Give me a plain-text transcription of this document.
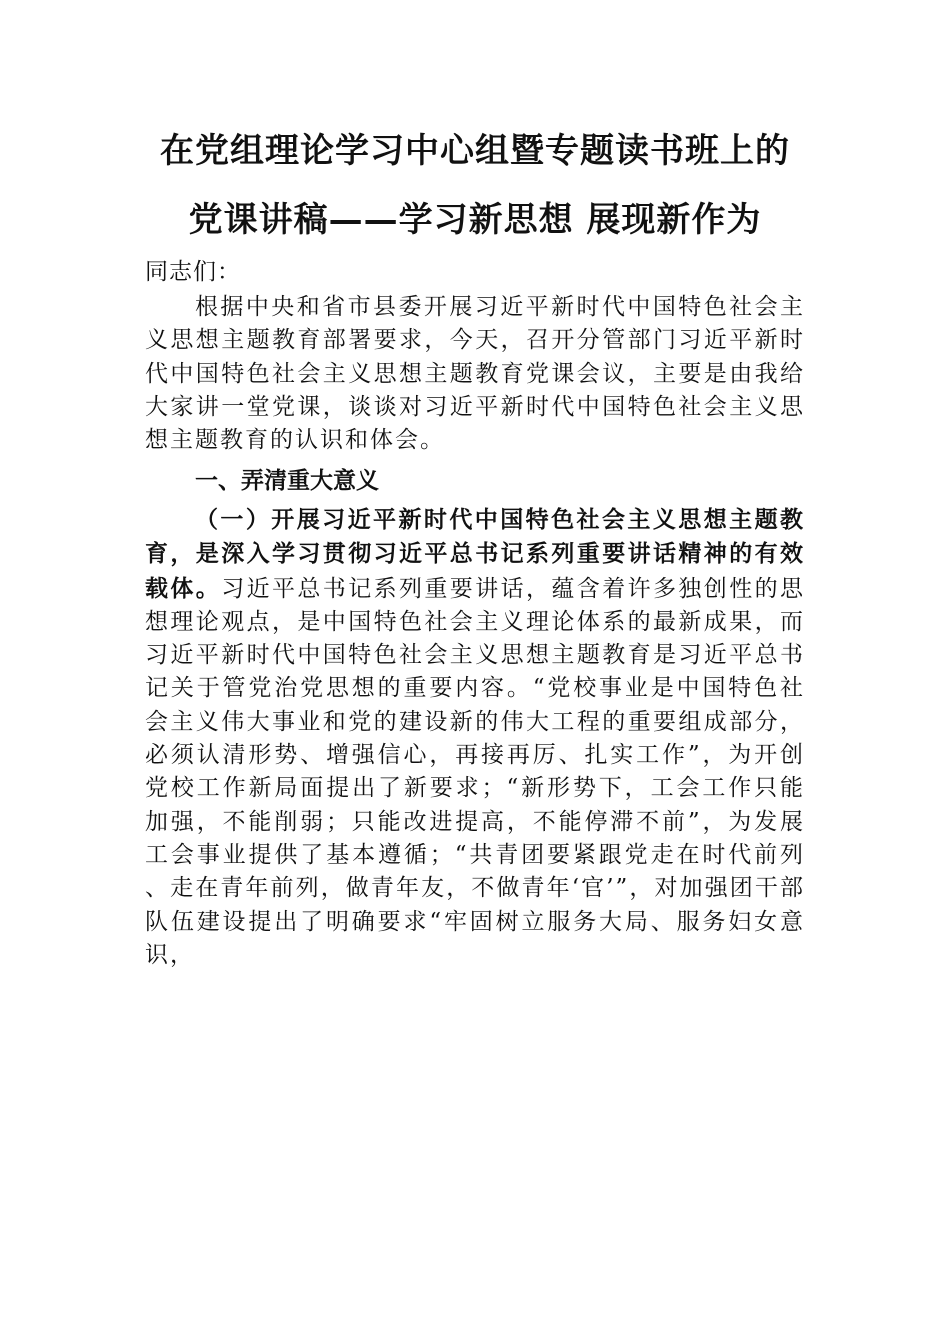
在党组理论学习中心组暨专题读书班上的
党课讲稿——学习新思想 展现新作为

同志们：

根据中央和省市县委开展习近平新时代中国特色社会主义思想主题教育部署要求，今天，召开分管部门习近平新时代中国特色社会主义思想主题教育党课会议，主要是由我给大家讲一堂党课，谈谈对习近平新时代中国特色社会主义思想主题教育的认识和体会。

一、弄清重大意义

（一）开展习近平新时代中国特色社会主义思想主题教育，是深入学习贯彻习近平总书记系列重要讲话精神的有效载体。习近平总书记系列重要讲话，蕴含着许多独创性的思想理论观点，是中国特色社会主义理论体系的最新成果，而习近平新时代中国特色社会主义思想主题教育是习近平总书记关于管党治党思想的重要内容。“党校事业是中国特色社会主义伟大事业和党的建设新的伟大工程的重要组成部分，必须认清形势、增强信心，再接再厉、扎实工作”，为开创党校工作新局面提出了新要求；“新形势下，工会工作只能加强，不能削弱；只能改进提高，不能停滞不前”，为发展工会事业提供了基本遵循；“共青团要紧跟党走在时代前列、走在青年前列，做青年友，不做青年‘官’”，对加强团干部队伍建设提出了明确要求“牢固树立服务大局、服务妇女意识，
